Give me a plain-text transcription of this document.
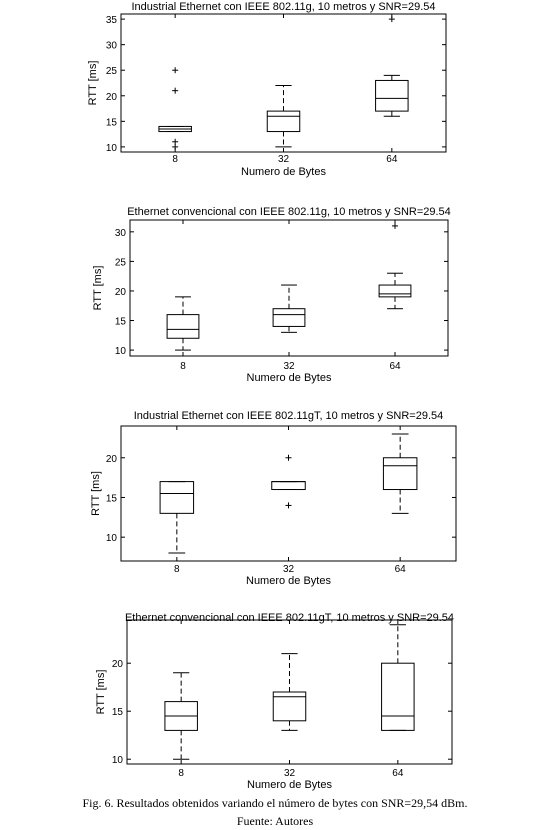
Industrial Ethernet con IEEE 802.11g, 10 metros y SNR=29.54
10
15
20
25
30
35
8	32	64
Numero de Bytes
RTT [ms]
Ethernet convencional con IEEE 802.11g, 10 metros y SNR=29.54
10
15
20
25
30
8	32	64
Numero de Bytes
RTT [ms]
Industrial Ethernet con IEEE 802.11gT, 10 metros y SNR=29.54
10
15
20
8	32	64
Numero de Bytes
RTT [ms]
Ethernet convencional con IEEE 802.11gT, 10 metros y SNR=29.54
10
15
20
8	32	64
Numero de Bytes
RTT [ms]
Fig. 6. Resultados obtenidos variando el número de bytes con SNR=29,54 dBm.
Fuente: Autores
